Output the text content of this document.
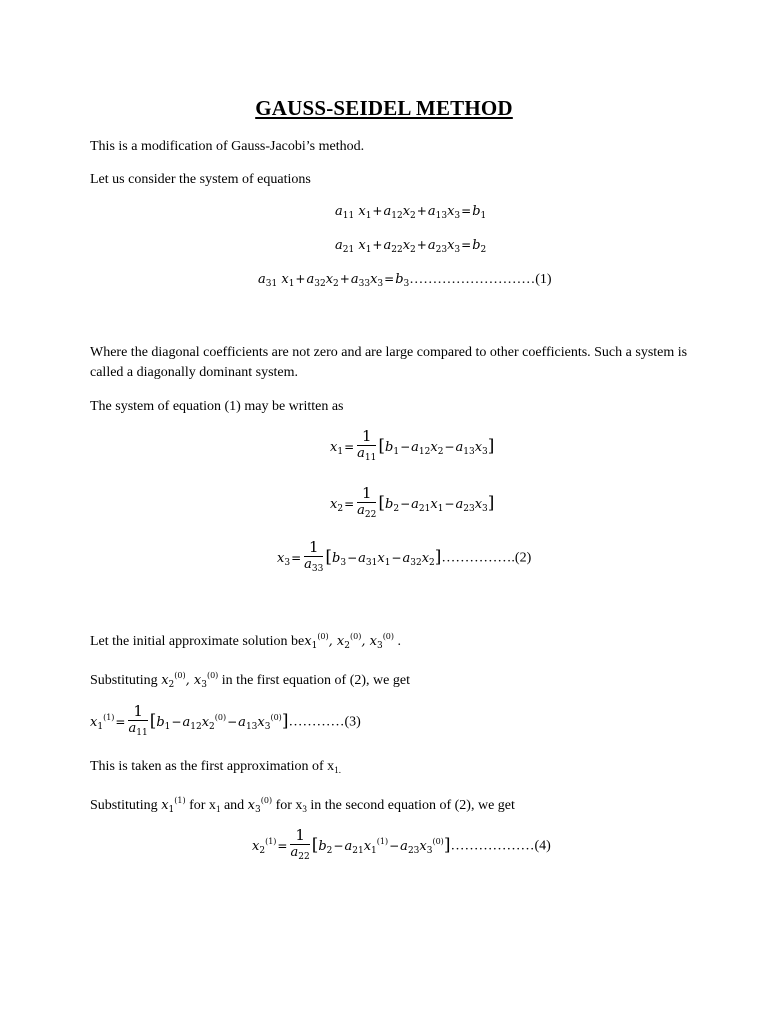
GAUSS-SEIDEL METHOD
This is a modification of Gauss-Jacobi’s method.
Let us consider the system of equations
$a_{11}$ $x_1+a_{12}x_2+a_{13}x_3=b_1$
$a_{21}$ $x_1+a_{22}x_2+a_{23}x_3=b_2$
$a_{31}$ $x_1+a_{32}x_2+a_{33}x_3=b_3\dots\dots\dots\dots\dots\dots\dots\dots\dots(1)$
Where the diagonal coefficients are not zero and are large compared to other coefficients. Such a system is called a diagonally dominant system.
The system of equation (1) may be written as
$x_1= \frac{1}{a_{11}} [b_1-a_{12}x_2-a_{13}x_3]$
$x_2= \frac{1}{a_{22}} [b_2-a_{21}x_1-a_{23}x_3]$
$x_3= \frac{1}{a_{33}}$ $[b_3-a_{31}x_1-a_{32}x_2]\dots\dots\dots\dots\dots.(2)$
Let the initial approximate solution bex$_1^{(0)}$, $x_2^{(0)}$, $x_3^{(0)}$ .
Substituting $x_2^{(0)}$, $x_3^{(0)}$ in the first equation of (2), we get
$x_1^{(1)}= \frac{1}{a_{11}}$ $[b_1-a_{12}x_2^{(0)}-a_{13}x_3^{(0)}]\dots\dots\dots\dots(3)$
This is taken as the first approximation of $x_{1.}$
Substituting $x_1^{(1)}$ for $x_1$ and $x_3^{(0)}$ for $x_3$ in the second equation of (2), we get
$x_2^{(1)}= \frac{1}{a_{22}}$ $[b_2-a_{21}x_1^{(1)}-a_{23}x_3^{(0)}]\dots\dots\dots\dots\dots\dots(4)$
